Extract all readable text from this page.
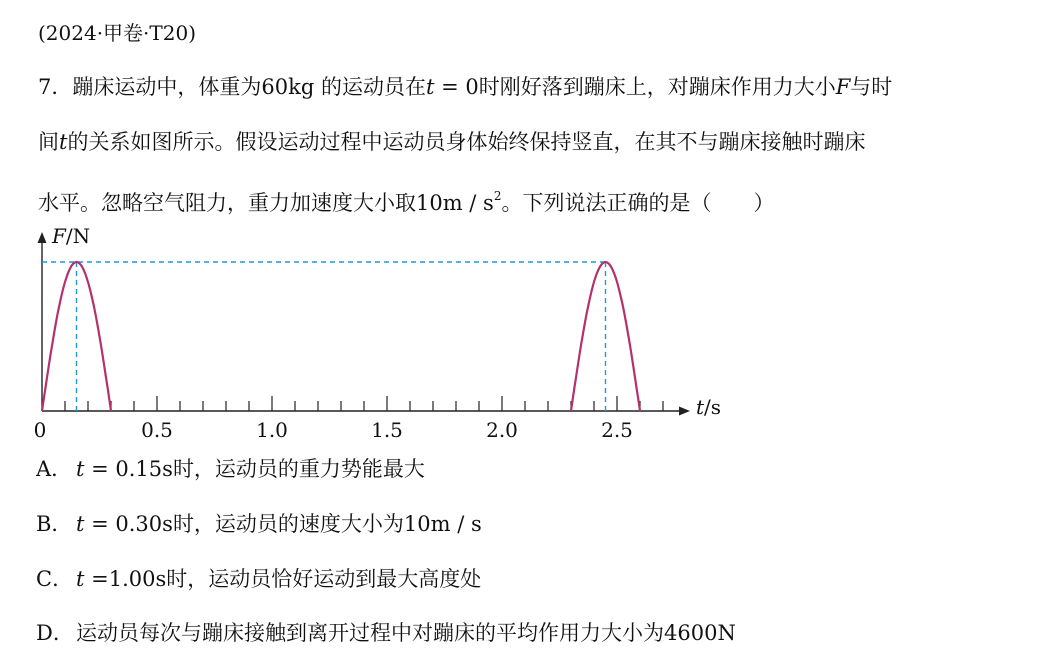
(2024·甲卷·T20)
7．蹦床运动中，体重为60kg 的运动员在t = 0时刚好落到蹦床上，对蹦床作用力大小F与时
间t的关系如图所示。假设运动过程中运动员身体始终保持竖直，在其不与蹦床接触时蹦床
水平。忽略空气阻力，重力加速度大小取$10m / s^2$。下列说法正确的是（　　）
0	0.5	1.0	1.5	2.0	2.5
F/N
t/s
A． t = 0.15s时，运动员的重力势能最大
B． t = 0.30s时，运动员的速度大小为10m / s
C． t =1.00s时，运动员恰好运动到最大高度处
D． 运动员每次与蹦床接触到离开过程中对蹦床的平均作用力大小为4600N
